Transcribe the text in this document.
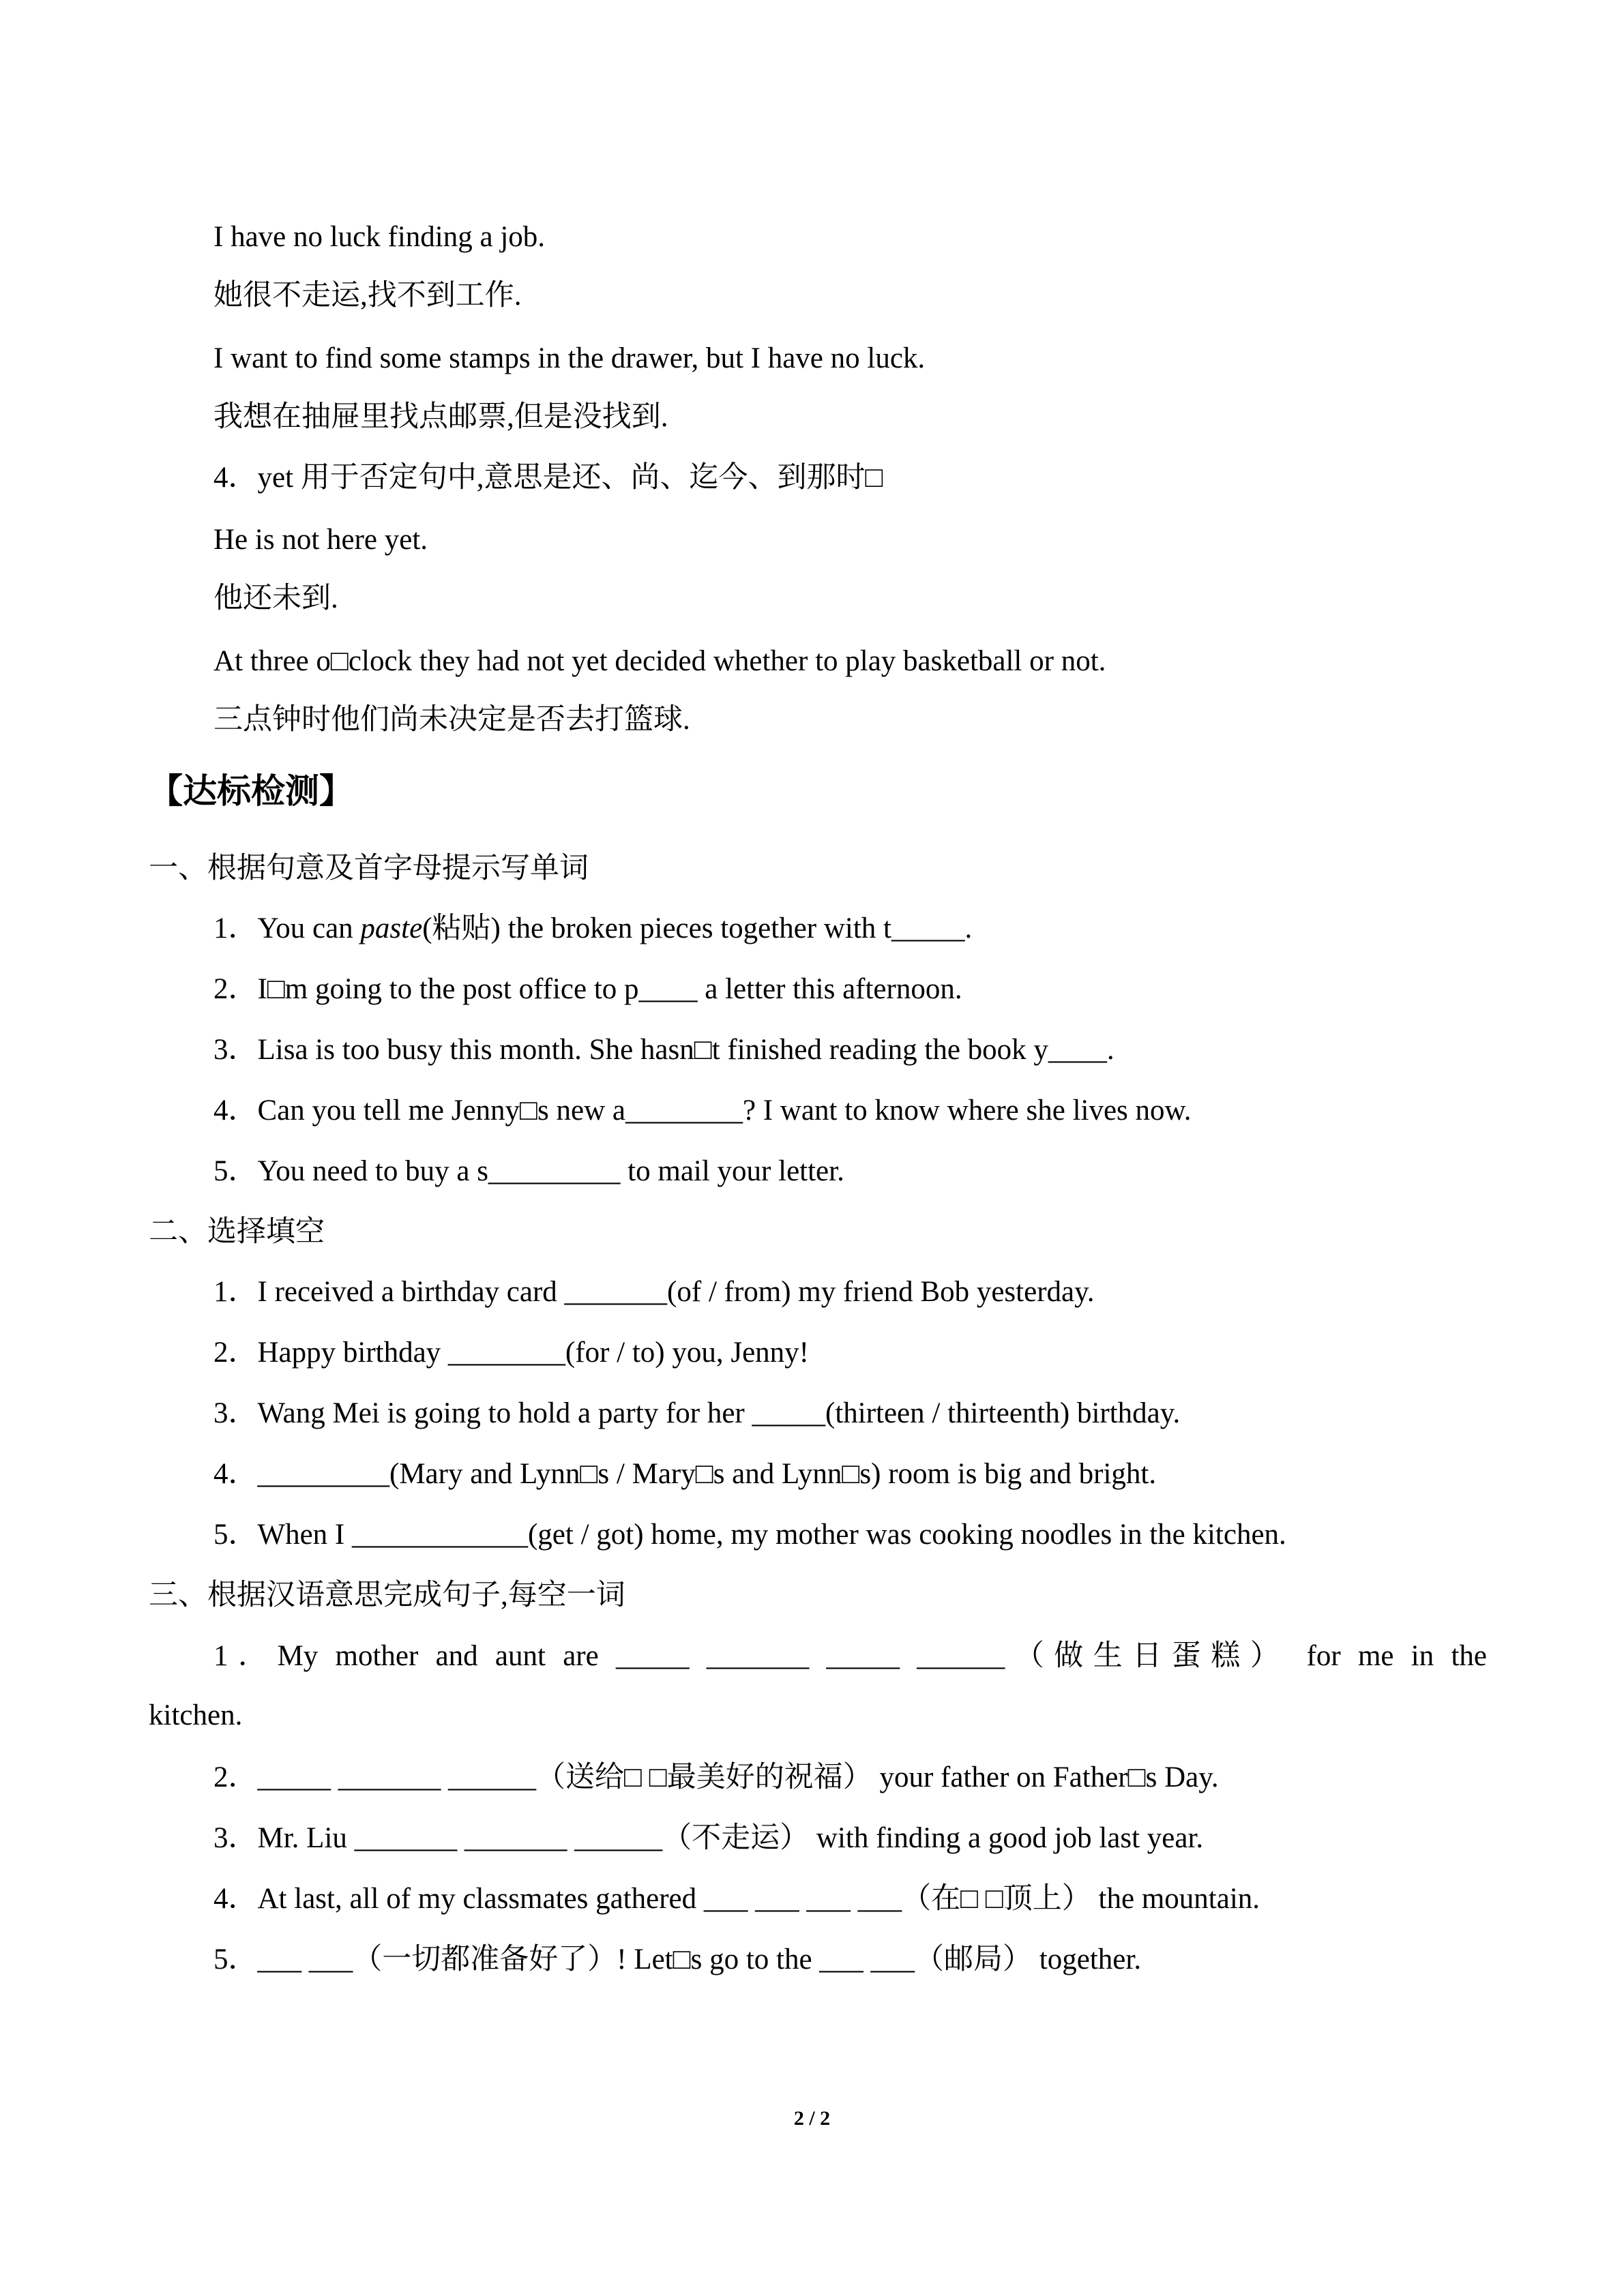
I have no luck finding a job.

她很不走运,找不到工作.

I want to find some stamps in the drawer, but I have no luck.

我想在抽屉里找点邮票,但是没找到.

4．yet 用于否定句中,意思是还、尚、迄今、到那时□

He is not here yet.

他还未到.

At three o□clock they had not yet decided whether to play basketball or not.

三点钟时他们尚未决定是否去打篮球.

【达标检测】

一、根据句意及首字母提示写单词

1．You can paste(粘贴) the broken pieces together with t_____.

2．I□m going to the post office to p____ a letter this afternoon.

3．Lisa is too busy this month. She hasn□t finished reading the book y____.

4．Can you tell me Jenny□s new a________? I want to know where she lives now.

5．You need to buy a s_________ to mail your letter.

二、选择填空

1．I received a birthday card _______(of / from) my friend Bob yesterday.

2．Happy birthday ________(for / to) you, Jenny!

3．Wang Mei is going to hold a party for her _____(thirteen / thirteenth) birthday.

4．_________(Mary and Lynn□s / Mary□s and Lynn□s) room is big and bright.

5．When I ____________(get / got) home, my mother was cooking noodles in the kitchen.

三、根据汉语意思完成句子,每空一词

1．My mother and aunt are _____ _______ _____ ______（做生日蛋糕） for me in the

kitchen.

2．_____ _______ ______（送给□ □最美好的祝福） your father on Father□s Day.

3．Mr. Liu _______ _______ ______（不走运） with finding a good job last year.

4．At last, all of my classmates gathered ___ ___ ___ ___（在□ □顶上） the mountain.

5．___ ___（一切都准备好了）! Let□s go to the ___ ___（邮局） together.

2 / 2
